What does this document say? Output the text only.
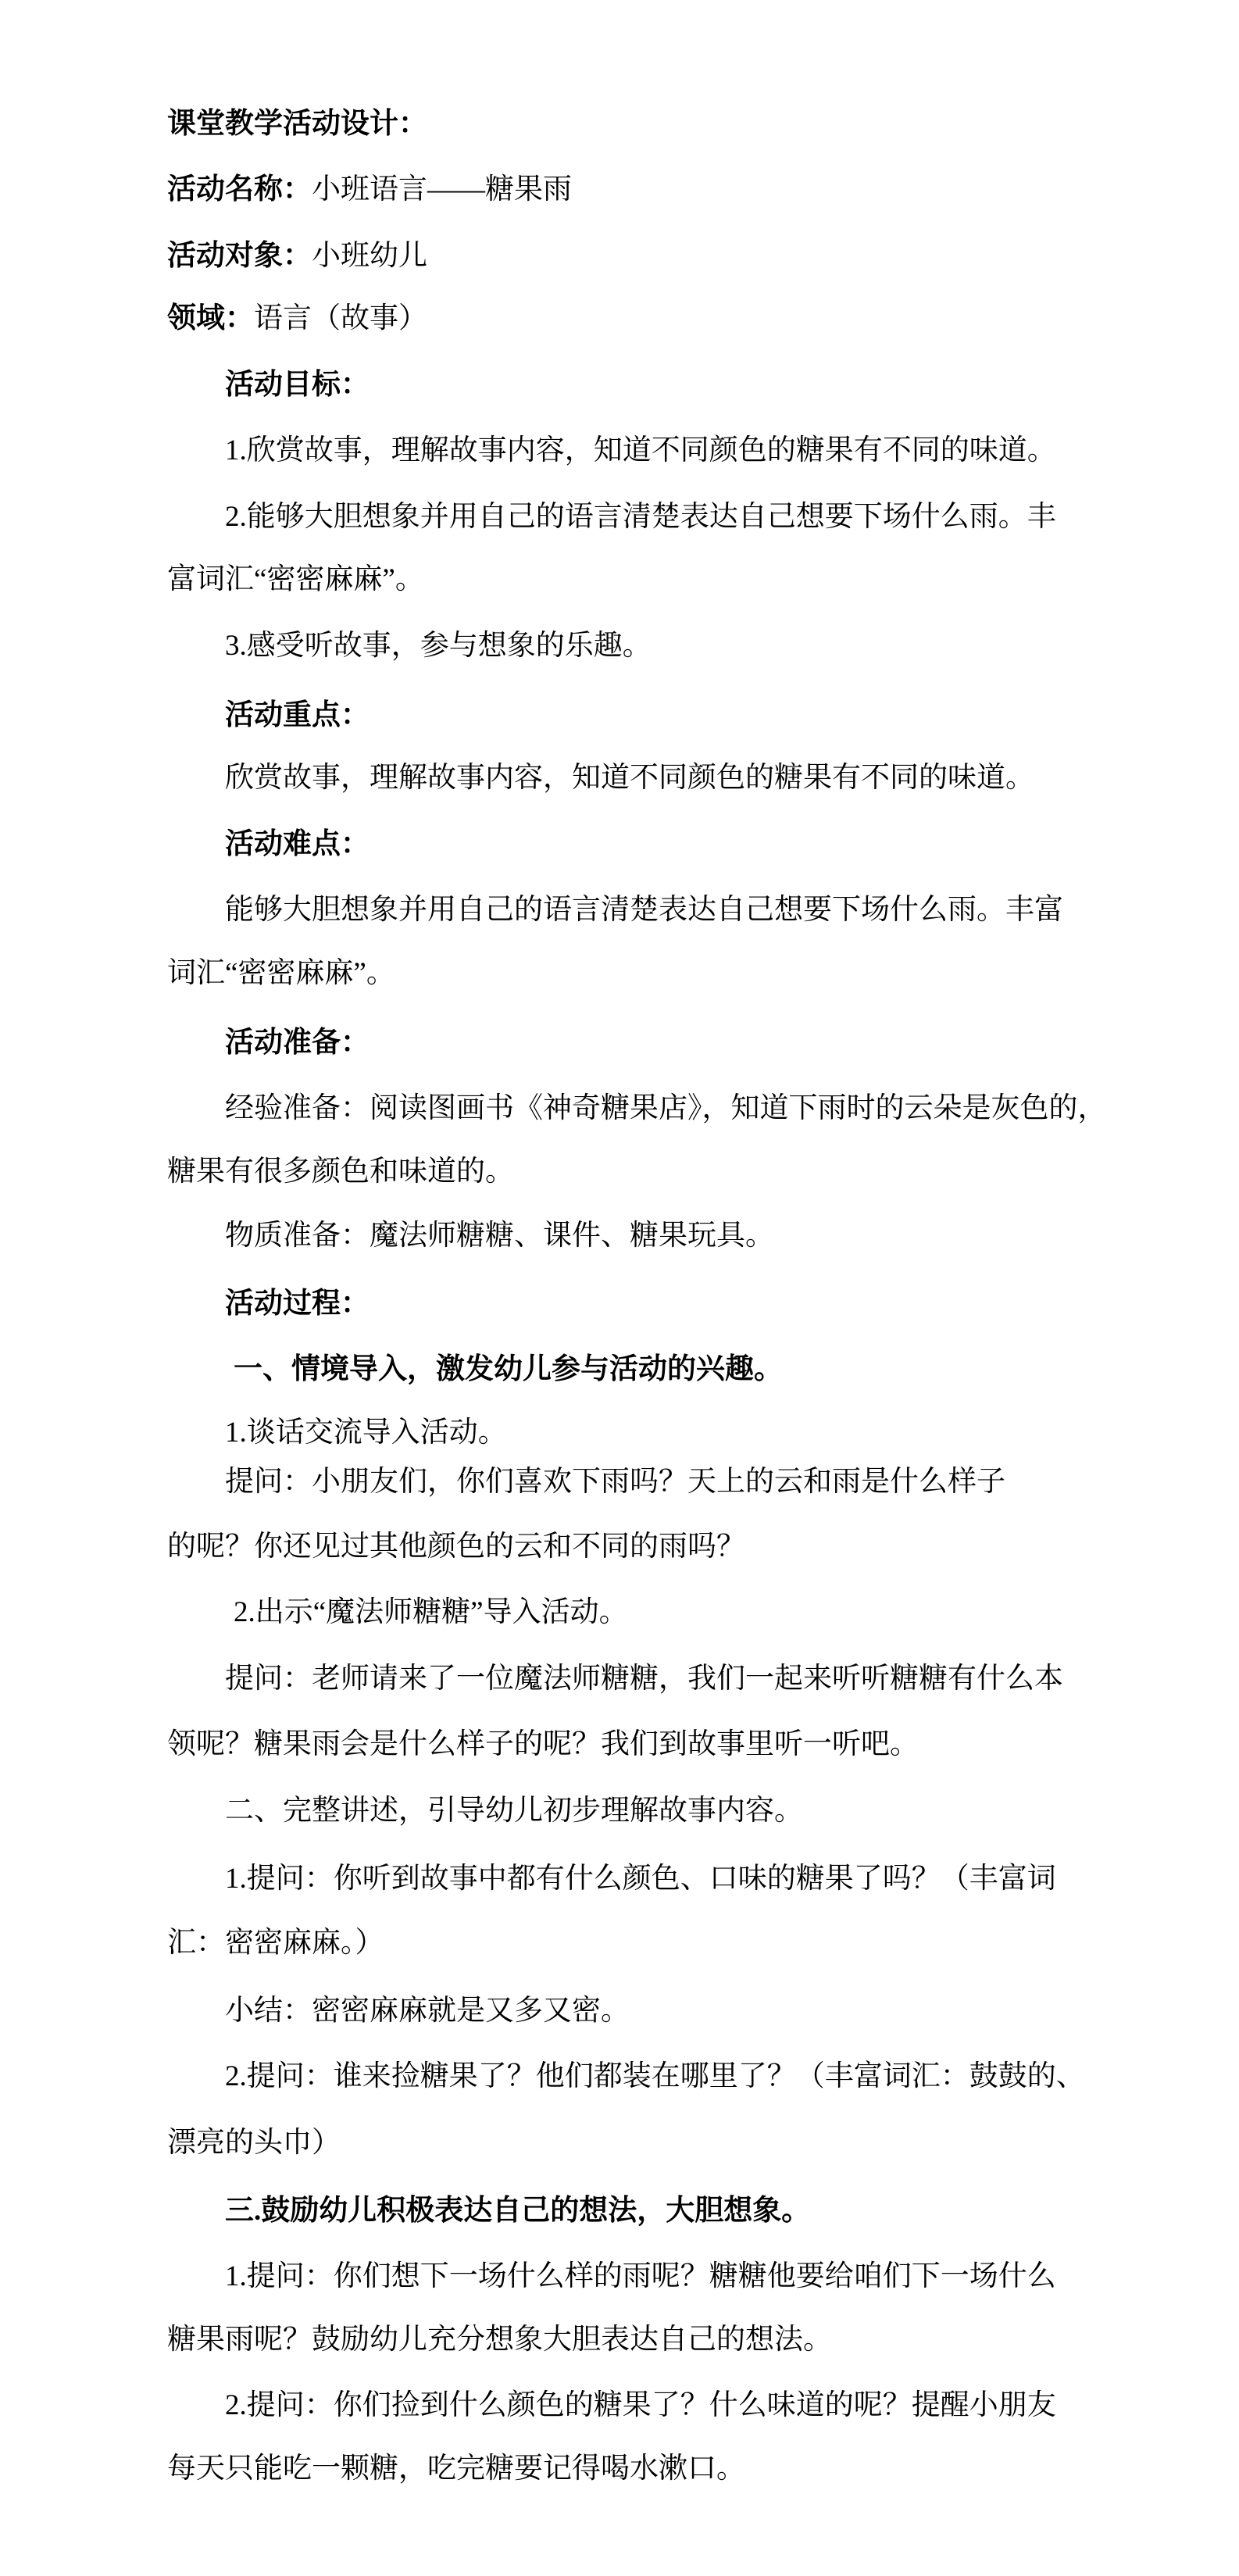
课堂教学活动设计：
活动名称：小班语言——糖果雨
活动对象：小班幼儿
领域：语言（故事）
活动目标：
1.欣赏故事，理解故事内容，知道不同颜色的糖果有不同的味道。
2.能够大胆想象并用自己的语言清楚表达自己想要下场什么雨。丰
富词汇“密密麻麻”。
3.感受听故事，参与想象的乐趣。
活动重点：
欣赏故事，理解故事内容，知道不同颜色的糖果有不同的味道。
活动难点：
能够大胆想象并用自己的语言清楚表达自己想要下场什么雨。丰富
词汇“密密麻麻”。
活动准备：
经验准备：阅读图画书《神奇糖果店》，知道下雨时的云朵是灰色的，
糖果有很多颜色和味道的。
物质准备：魔法师糖糖、课件、糖果玩具。
活动过程：
一、情境导入，激发幼儿参与活动的兴趣。
1.谈话交流导入活动。
提问：小朋友们，你们喜欢下雨吗？天上的云和雨是什么样子
的呢？你还见过其他颜色的云和不同的雨吗？
2.出示“魔法师糖糖”导入活动。
提问：老师请来了一位魔法师糖糖，我们一起来听听糖糖有什么本
领呢？糖果雨会是什么样子的呢？我们到故事里听一听吧。
二、完整讲述，引导幼儿初步理解故事内容。
1.提问：你听到故事中都有什么颜色、口味的糖果了吗？（丰富词
汇：密密麻麻。）
小结：密密麻麻就是又多又密。
2.提问：谁来捡糖果了？他们都装在哪里了？（丰富词汇：鼓鼓的、
漂亮的头巾）
三.鼓励幼儿积极表达自己的想法，大胆想象。
1.提问：你们想下一场什么样的雨呢？糖糖他要给咱们下一场什么
糖果雨呢？鼓励幼儿充分想象大胆表达自己的想法。
2.提问：你们捡到什么颜色的糖果了？什么味道的呢？提醒小朋友
每天只能吃一颗糖，吃完糖要记得喝水漱口。
